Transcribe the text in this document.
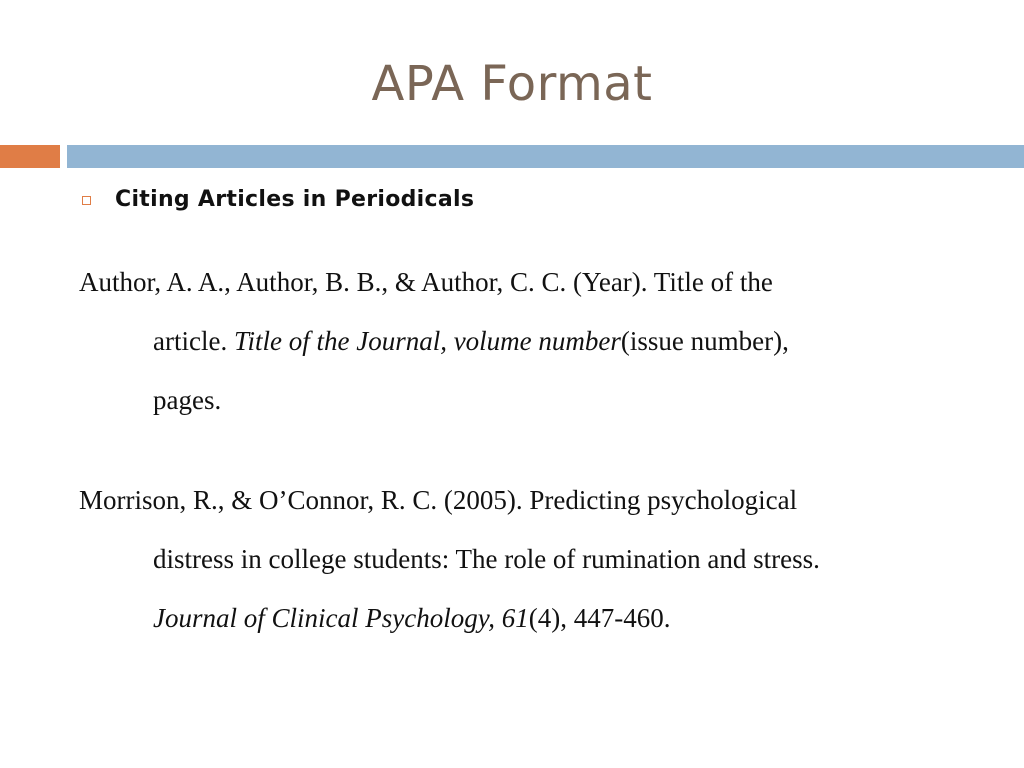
APA Format
Citing Articles in Periodicals
Author, A. A., Author, B. B., & Author, C. C. (Year). Title of the
article. Title of the Journal, volume number(issue number),
pages.
Morrison, R., & O’Connor, R. C. (2005). Predicting psychological
distress in college students: The role of rumination and stress.
Journal of Clinical Psychology, 61(4), 447-460.
